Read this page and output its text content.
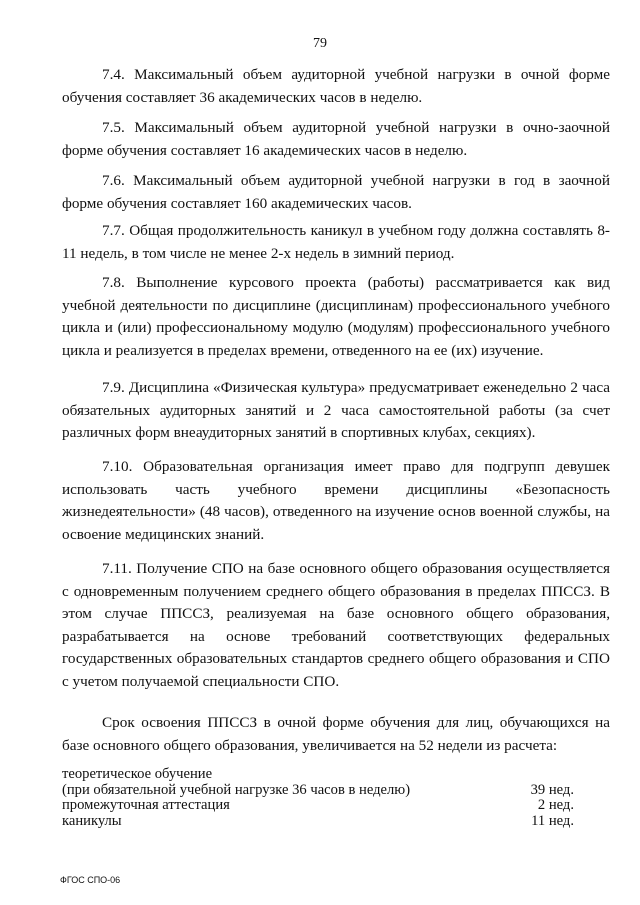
79

7.4. Максимальный объем аудиторной учебной нагрузки в очной форме обучения составляет 36 академических часов в неделю.

7.5. Максимальный объем аудиторной учебной нагрузки в очно-заочной форме обучения составляет 16 академических часов в неделю.

7.6. Максимальный объем аудиторной учебной нагрузки в год в заочной форме обучения составляет 160 академических часов.

7.7. Общая продолжительность каникул в учебном году должна составлять 8-11 недель, в том числе не менее 2-х недель в зимний период.

7.8. Выполнение курсового проекта (работы) рассматривается как вид учебной деятельности по дисциплине (дисциплинам) профессионального учебного цикла и (или) профессиональному модулю (модулям) профессионального учебного цикла и реализуется в пределах времени, отведенного на ее (их) изучение.

7.9. Дисциплина «Физическая культура» предусматривает еженедельно 2 часа обязательных аудиторных занятий и 2 часа самостоятельной работы (за счет различных форм внеаудиторных занятий в спортивных клубах, секциях).

7.10. Образовательная организация имеет право для подгрупп девушек использовать часть учебного времени дисциплины «Безопасность жизнедеятельности» (48 часов), отведенного на изучение основ военной службы, на освоение медицинских знаний.

7.11. Получение СПО на базе основного общего образования осуществляется с одновременным получением среднего общего образования в пределах ППССЗ. В этом случае ППССЗ, реализуемая на базе основного общего образования, разрабатывается на основе требований соответствующих федеральных государственных образовательных стандартов среднего общего образования и СПО с учетом получаемой специальности СПО.

Срок освоения ППССЗ в очной форме обучения для лиц, обучающихся на базе основного общего образования, увеличивается на 52 недели из расчета:

теоретическое обучение
(при обязательной учебной нагрузке 36 часов в неделю)	39 нед.
промежуточная аттестация	2 нед.
каникулы	11 нед.
ФГОС СПО-06
